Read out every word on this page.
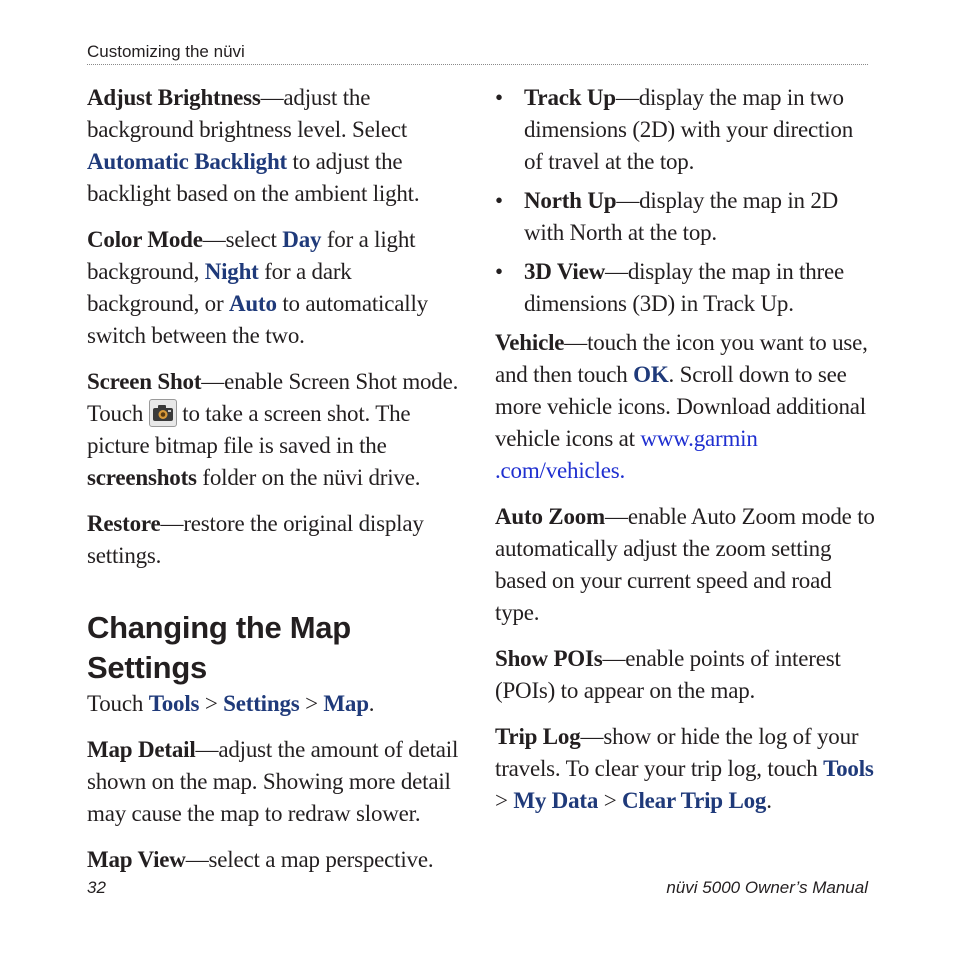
Customizing the nüvi

Adjust Brightness—adjust the background brightness level. Select Automatic Backlight to adjust the backlight based on the ambient light.

Color Mode—select Day for a light background, Night for a dark background, or Auto to automatically switch between the two.

Screen Shot—enable Screen Shot mode. Touch
to take a screen shot. The picture bitmap file is saved in the screenshots folder on the nüvi drive.

Restore—restore the original display settings.

Changing the Map
Settings

Touch Tools > Settings > Map.

Map Detail—adjust the amount of detail shown on the map. Showing more detail may cause the map to redraw slower.

Map View—select a map perspective.

• Track Up—display the map in two dimensions (2D) with your direction of travel at the top.
• North Up—display the map in 2D with North at the top.
• 3D View—display the map in three dimensions (3D) in Track Up.

Vehicle—touch the icon you want to use, and then touch OK. Scroll down to see more vehicle icons. Download additional vehicle icons at www.garmin
.com/vehicles.

Auto Zoom—enable Auto Zoom mode to automatically adjust the zoom setting based on your current speed and road type.

Show POIs—enable points of interest (POIs) to appear on the map.

Trip Log—show or hide the log of your travels. To clear your trip log, touch Tools > My Data > Clear Trip Log.

32	nüvi 5000 Owner’s Manual
